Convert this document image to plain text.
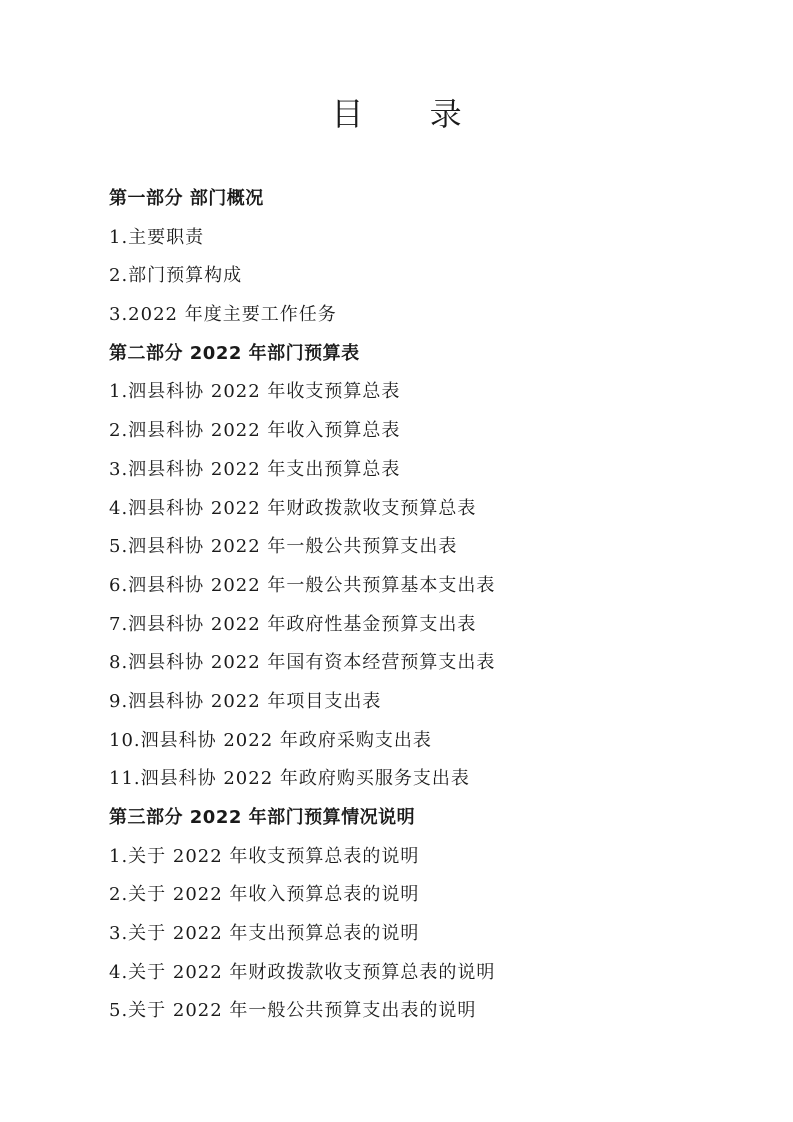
目 录
第一部分 部门概况
1.主要职责
2.部门预算构成
3.2022 年度主要工作任务
第二部分 2022 年部门预算表
1.泗县科协 2022 年收支预算总表
2.泗县科协 2022 年收入预算总表
3.泗县科协 2022 年支出预算总表
4.泗县科协 2022 年财政拨款收支预算总表
5.泗县科协 2022 年一般公共预算支出表
6.泗县科协 2022 年一般公共预算基本支出表
7.泗县科协 2022 年政府性基金预算支出表
8.泗县科协 2022 年国有资本经营预算支出表
9.泗县科协 2022 年项目支出表
10.泗县科协 2022 年政府采购支出表
11.泗县科协 2022 年政府购买服务支出表
第三部分 2022 年部门预算情况说明
1.关于 2022 年收支预算总表的说明
2.关于 2022 年收入预算总表的说明
3.关于 2022 年支出预算总表的说明
4.关于 2022 年财政拨款收支预算总表的说明
5.关于 2022 年一般公共预算支出表的说明
